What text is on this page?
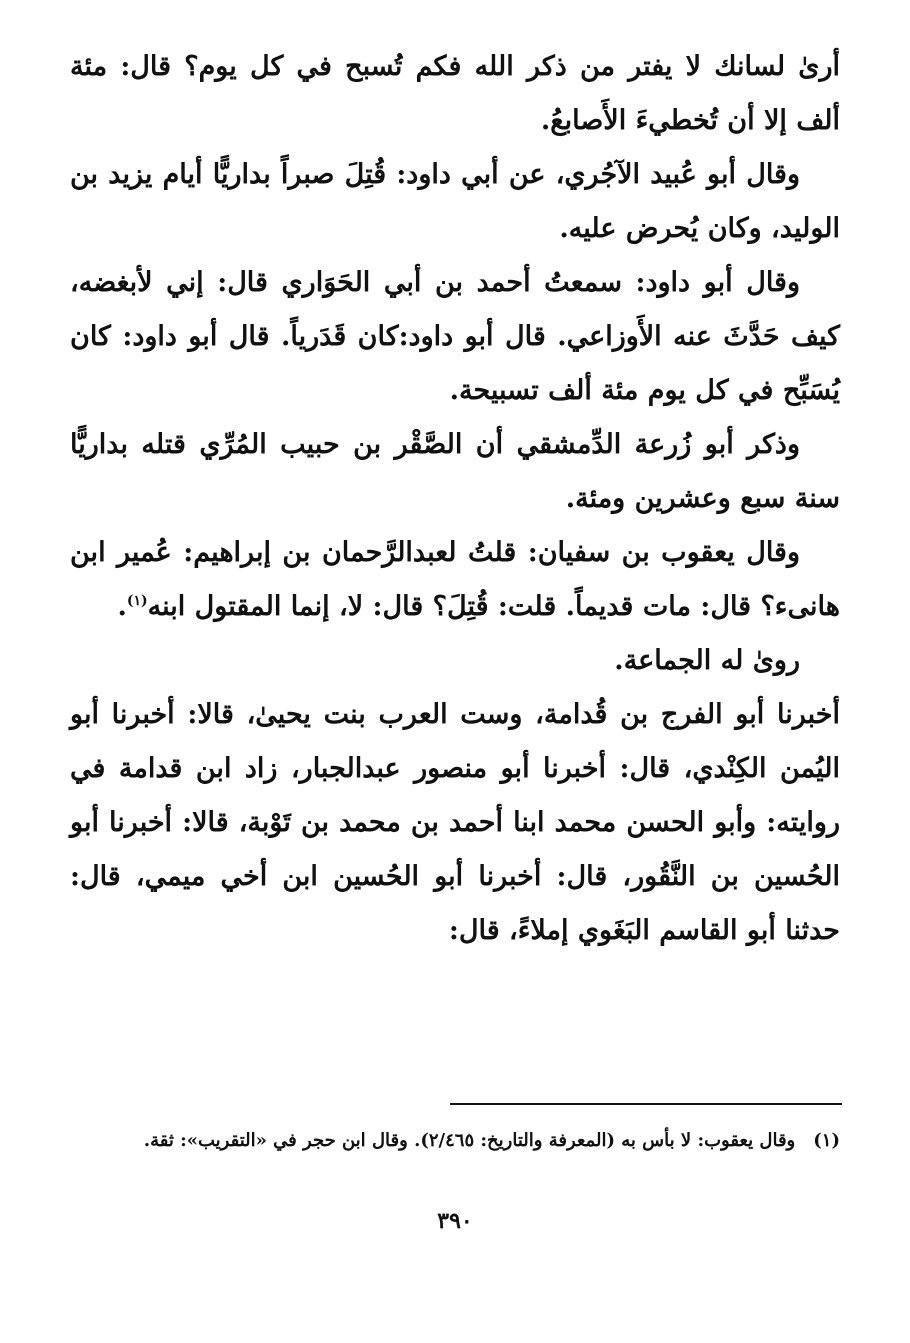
أرىٰ لسانك لا يفتر من ذكر الله فكم تُسبح في كل يوم؟ قال: مئة ألف إلا أن تُخطيءَ الأَصابعُ.

وقال أبو عُبيد الآجُري، عن أبي داود: قُتِلَ صبراً بداريًّا أيام يزيد بن الوليد، وكان يُحرض عليه.

وقال أبو داود: سمعتُ أحمد بن أبي الحَوَاري قال: إني لأبغضه، كيف حَدَّثَ عنه الأَوزاعي. قال أبو داود:كان قَدَرياً. قال أبو داود: كان يُسَبِّح في كل يوم مئة ألف تسبيحة.

وذكر أبو زُرعة الدِّمشقي أن الصَّقْر بن حبيب المُرِّي قتله بداريًّا سنة سبع وعشرين ومئة.

وقال يعقوب بن سفيان: قلتُ لعبدالرَّحمان بن إبراهيم: عُمير ابن هانىء؟ قال: مات قديماً. قلت: قُتِلَ؟ قال: لا، إنما المقتول ابنه$^{(١)}$.

روىٰ له الجماعة.

أخبرنا أبو الفرج بن قُدامة، وست العرب بنت يحيىٰ، قالا: أخبرنا أبو اليُمن الكِنْدي، قال: أخبرنا أبو منصور عبدالجبار، زاد ابن قدامة في روايته: وأبو الحسن محمد ابنا أحمد بن محمد بن تَوْبة، قالا: أخبرنا أبو الحُسين بن النَّقُور، قال: أخبرنا أبو الحُسين ابن أخي ميمي، قال: حدثنا أبو القاسم البَغَوي إملاءً، قال:

(١)وقال يعقوب: لا بأس به (المعرفة والتاريخ: ٢/٤٦٥). وقال ابن حجر في «التقريب»: ثقة.

٣٩٠
